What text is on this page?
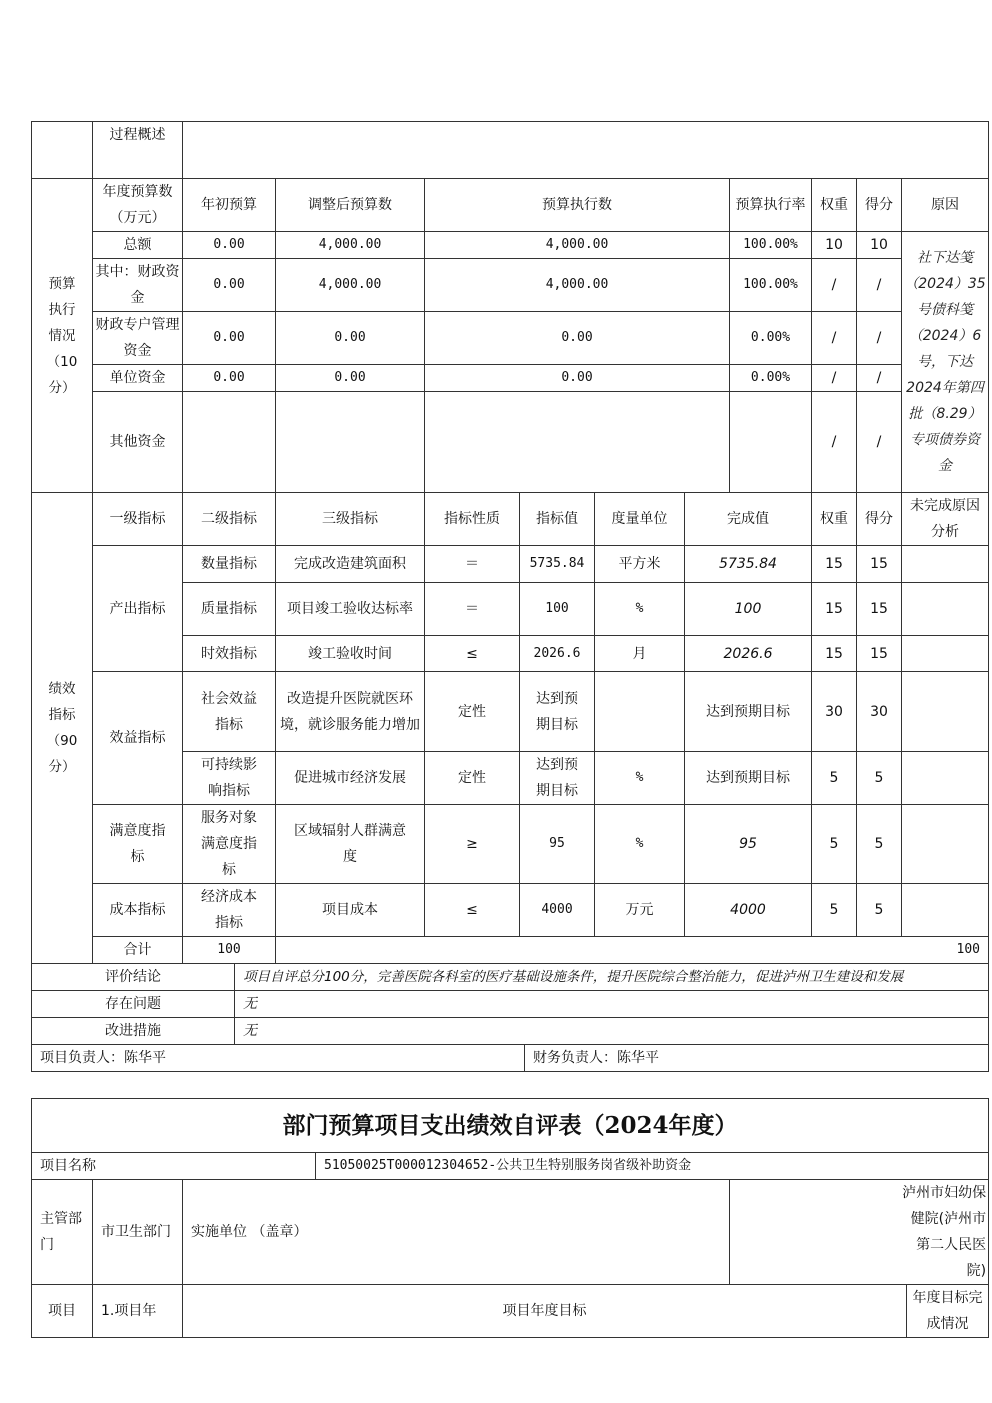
	过程概述											
预算执行情况（10分）	年度预算数（万元）	年初预算	调整后预算数	预算执行数				预算执行率	权重	得分	原因	
	总额	0.00	4,000.00	4,000.00				100.00%	10	10	社下达笺（2024）35号债科笺（2024）6号，下达2024年第四批（8.29）专项债券资金	
	其中：财政资金	0.00	4,000.00	4,000.00				100.00%	/	/		
	财政专户管理资金	0.00	0.00	0.00				0.00%	/	/		
	单位资金	0.00	0.00	0.00				0.00%	/	/		
	其他资金								/	/		
绩效指标（90分）	一级指标	二级指标	三级指标	指标性质	指标值	度量单位	完成值		权重	得分	未完成原因分析	
	产出指标	数量指标	完成改造建筑面积	＝	5735.84	平方米	5735.84		15	15		
		质量指标	项目竣工验收达标率	＝	100	%	100		15	15		
		时效指标	竣工验收时间	≤	2026.6	月	2026.6		15	15		
	效益指标	社会效益指标	改造提升医院就医环境，就诊服务能力增加	定性	达到预期目标		达到预期目标		30	30		
		可持续影响指标	促进城市经济发展	定性	达到预期目标	%	达到预期目标		5	5		
	满意度指标	服务对象满意度指标	区域辐射人群满意度	≥	95	%	95		5	5		
	成本指标	经济成本指标	项目成本	≤	4000	万元	4000		5	5		
	合计	100	100									
评价结论	项目自评总分100分，完善医院各科室的医疗基础设施条件，提升医院综合整治能力，促进泸州卫生建设和发展	
存在问题	无	
改进措施	无	
项目负责人：陈华平		财务负责人：陈华平
部门预算项目支出绩效自评表（2024年度）					
项目名称			51050025T000012304652-公共卫生特别服务岗省级补助资金		
主管部门	市卫生部门	实施单位 （盖章）		泸州市妇幼保健院(泸州市第二人民医院)	
项目	1.项目年	项目年度目标			年度目标完成情况
